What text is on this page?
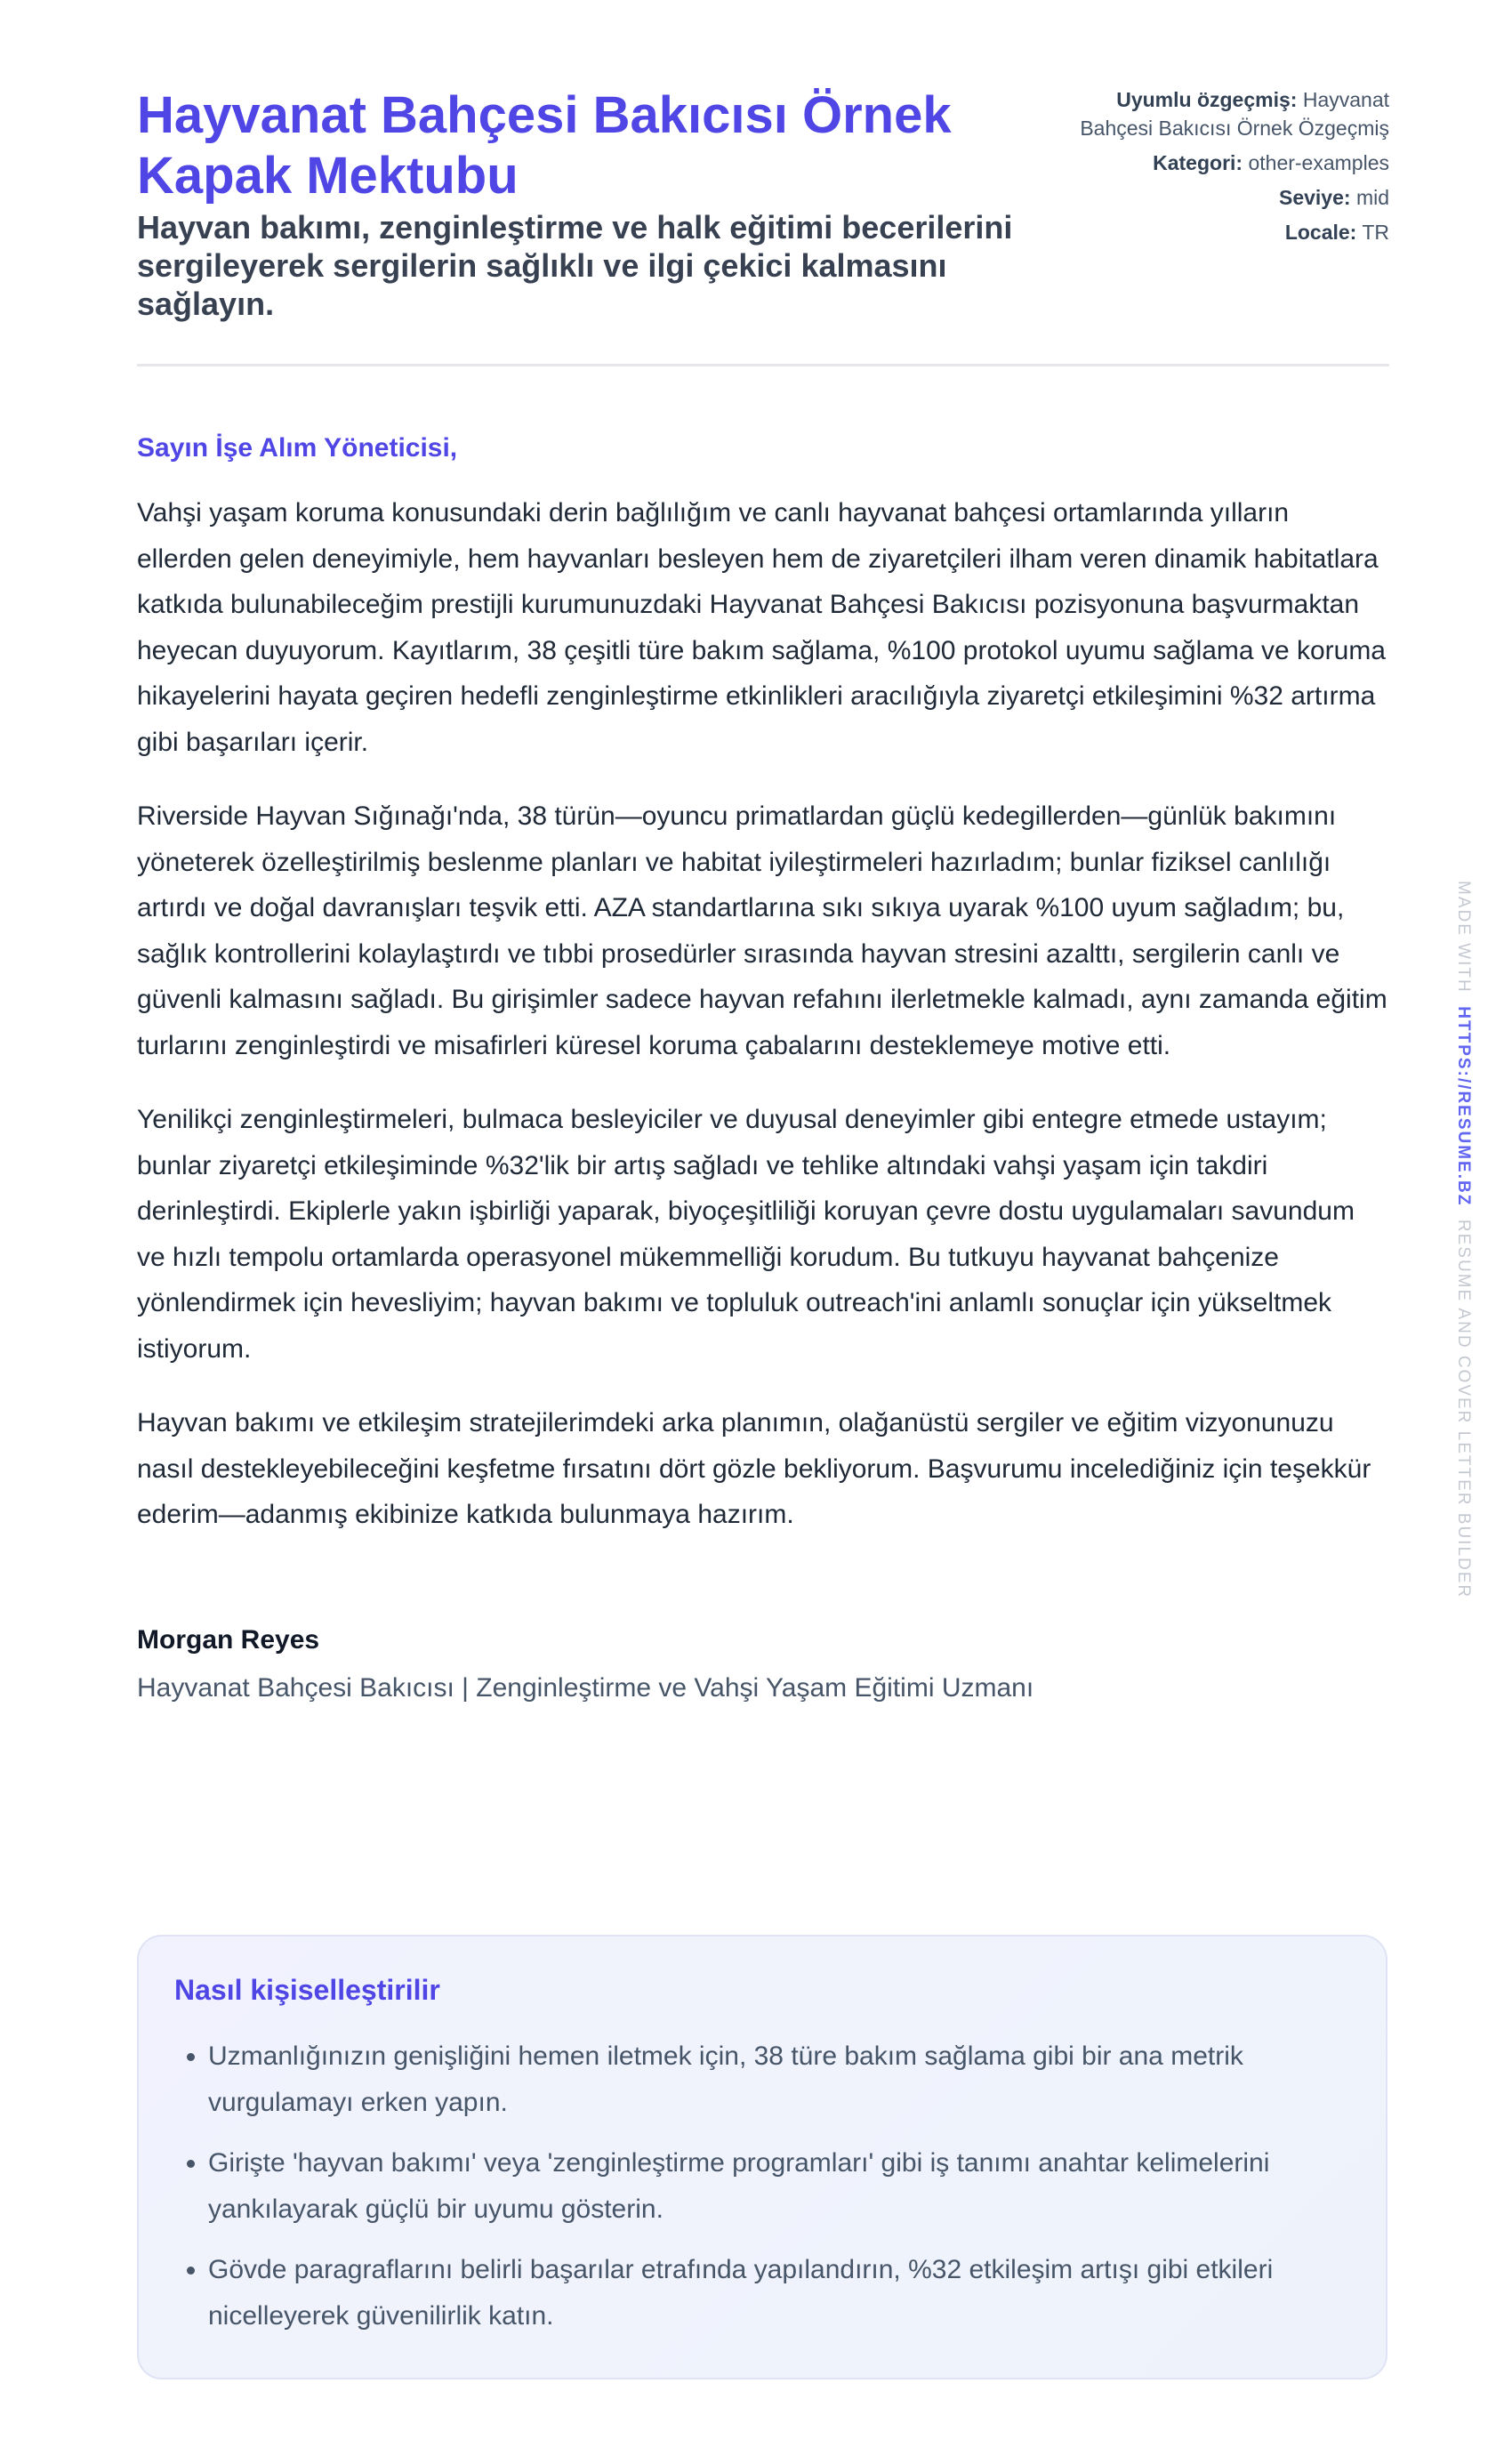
Hayvanat Bahçesi Bakıcısı Örnek Kapak Mektubu
Hayvan bakımı, zenginleştirme ve halk eğitimi becerilerini sergileyerek sergilerin sağlıklı ve ilgi çekici kalmasını sağlayın.
Uyumlu özgeçmiş: Hayvanat Bahçesi Bakıcısı Örnek Özgeçmiş
Kategori: other-examples
Seviye: mid
Locale: TR
Sayın İşe Alım Yöneticisi,

Vahşi yaşam koruma konusundaki derin bağlılığım ve canlı hayvanat bahçesi ortamlarında yılların ellerden gelen deneyimiyle, hem hayvanları besleyen hem de ziyaretçileri ilham veren dinamik habitatlara katkıda bulunabileceğim prestijli kurumunuzdaki Hayvanat Bahçesi Bakıcısı pozisyonuna başvurmaktan heyecan duyuyorum. Kayıtlarım, 38 çeşitli türe bakım sağlama, %100 protokol uyumu sağlama ve koruma hikayelerini hayata geçiren hedefli zenginleştirme etkinlikleri aracılığıyla ziyaretçi etkileşimini %32 artırma gibi başarıları içerir.

Riverside Hayvan Sığınağı'nda, 38 türün—oyuncu primatlardan güçlü kedegillerden—günlük bakımını yöneterek özelleştirilmiş beslenme planları ve habitat iyileştirmeleri hazırladım; bunlar fiziksel canlılığı artırdı ve doğal davranışları teşvik etti. AZA standartlarına sıkı sıkıya uyarak %100 uyum sağladım; bu, sağlık kontrollerini kolaylaştırdı ve tıbbi prosedürler sırasında hayvan stresini azalttı, sergilerin canlı ve güvenli kalmasını sağladı. Bu girişimler sadece hayvan refahını ilerletmekle kalmadı, aynı zamanda eğitim turlarını zenginleştirdi ve misafirleri küresel koruma çabalarını desteklemeye motive etti.

Yenilikçi zenginleştirmeleri, bulmaca besleyiciler ve duyusal deneyimler gibi entegre etmede ustayım; bunlar ziyaretçi etkileşiminde %32'lik bir artış sağladı ve tehlike altındaki vahşi yaşam için takdiri derinleştirdi. Ekiplerle yakın işbirliği yaparak, biyoçeşitliliği koruyan çevre dostu uygulamaları savundum ve hızlı tempolu ortamlarda operasyonel mükemmelliği korudum. Bu tutkuyu hayvanat bahçenize yönlendirmek için hevesliyim; hayvan bakımı ve topluluk outreach'ini anlamlı sonuçlar için yükseltmek istiyorum.

Hayvan bakımı ve etkileşim stratejilerimdeki arka planımın, olağanüstü sergiler ve eğitim vizyonunuzu nasıl destekleyebileceğini keşfetme fırsatını dört gözle bekliyorum. Başvurumu incelediğiniz için teşekkür ederim—adanmış ekibinize katkıda bulunmaya hazırım.

Morgan Reyes
Hayvanat Bahçesi Bakıcısı | Zenginleştirme ve Vahşi Yaşam Eğitimi Uzmanı
Nasıl kişiselleştirilir
• Uzmanlığınızın genişliğini hemen iletmek için, 38 türe bakım sağlama gibi bir ana metrik vurgulamayı erken yapın.
• Girişte 'hayvan bakımı' veya 'zenginleştirme programları' gibi iş tanımı anahtar kelimelerini yankılayarak güçlü bir uyumu gösterin.
• Gövde paragraflarını belirli başarılar etrafında yapılandırın, %32 etkileşim artışı gibi etkileri nicelleyerek güvenilirlik katın.
MADE WITH  HTTPS://RESUME.BZ  RESUME AND COVER LETTER BUILDER
